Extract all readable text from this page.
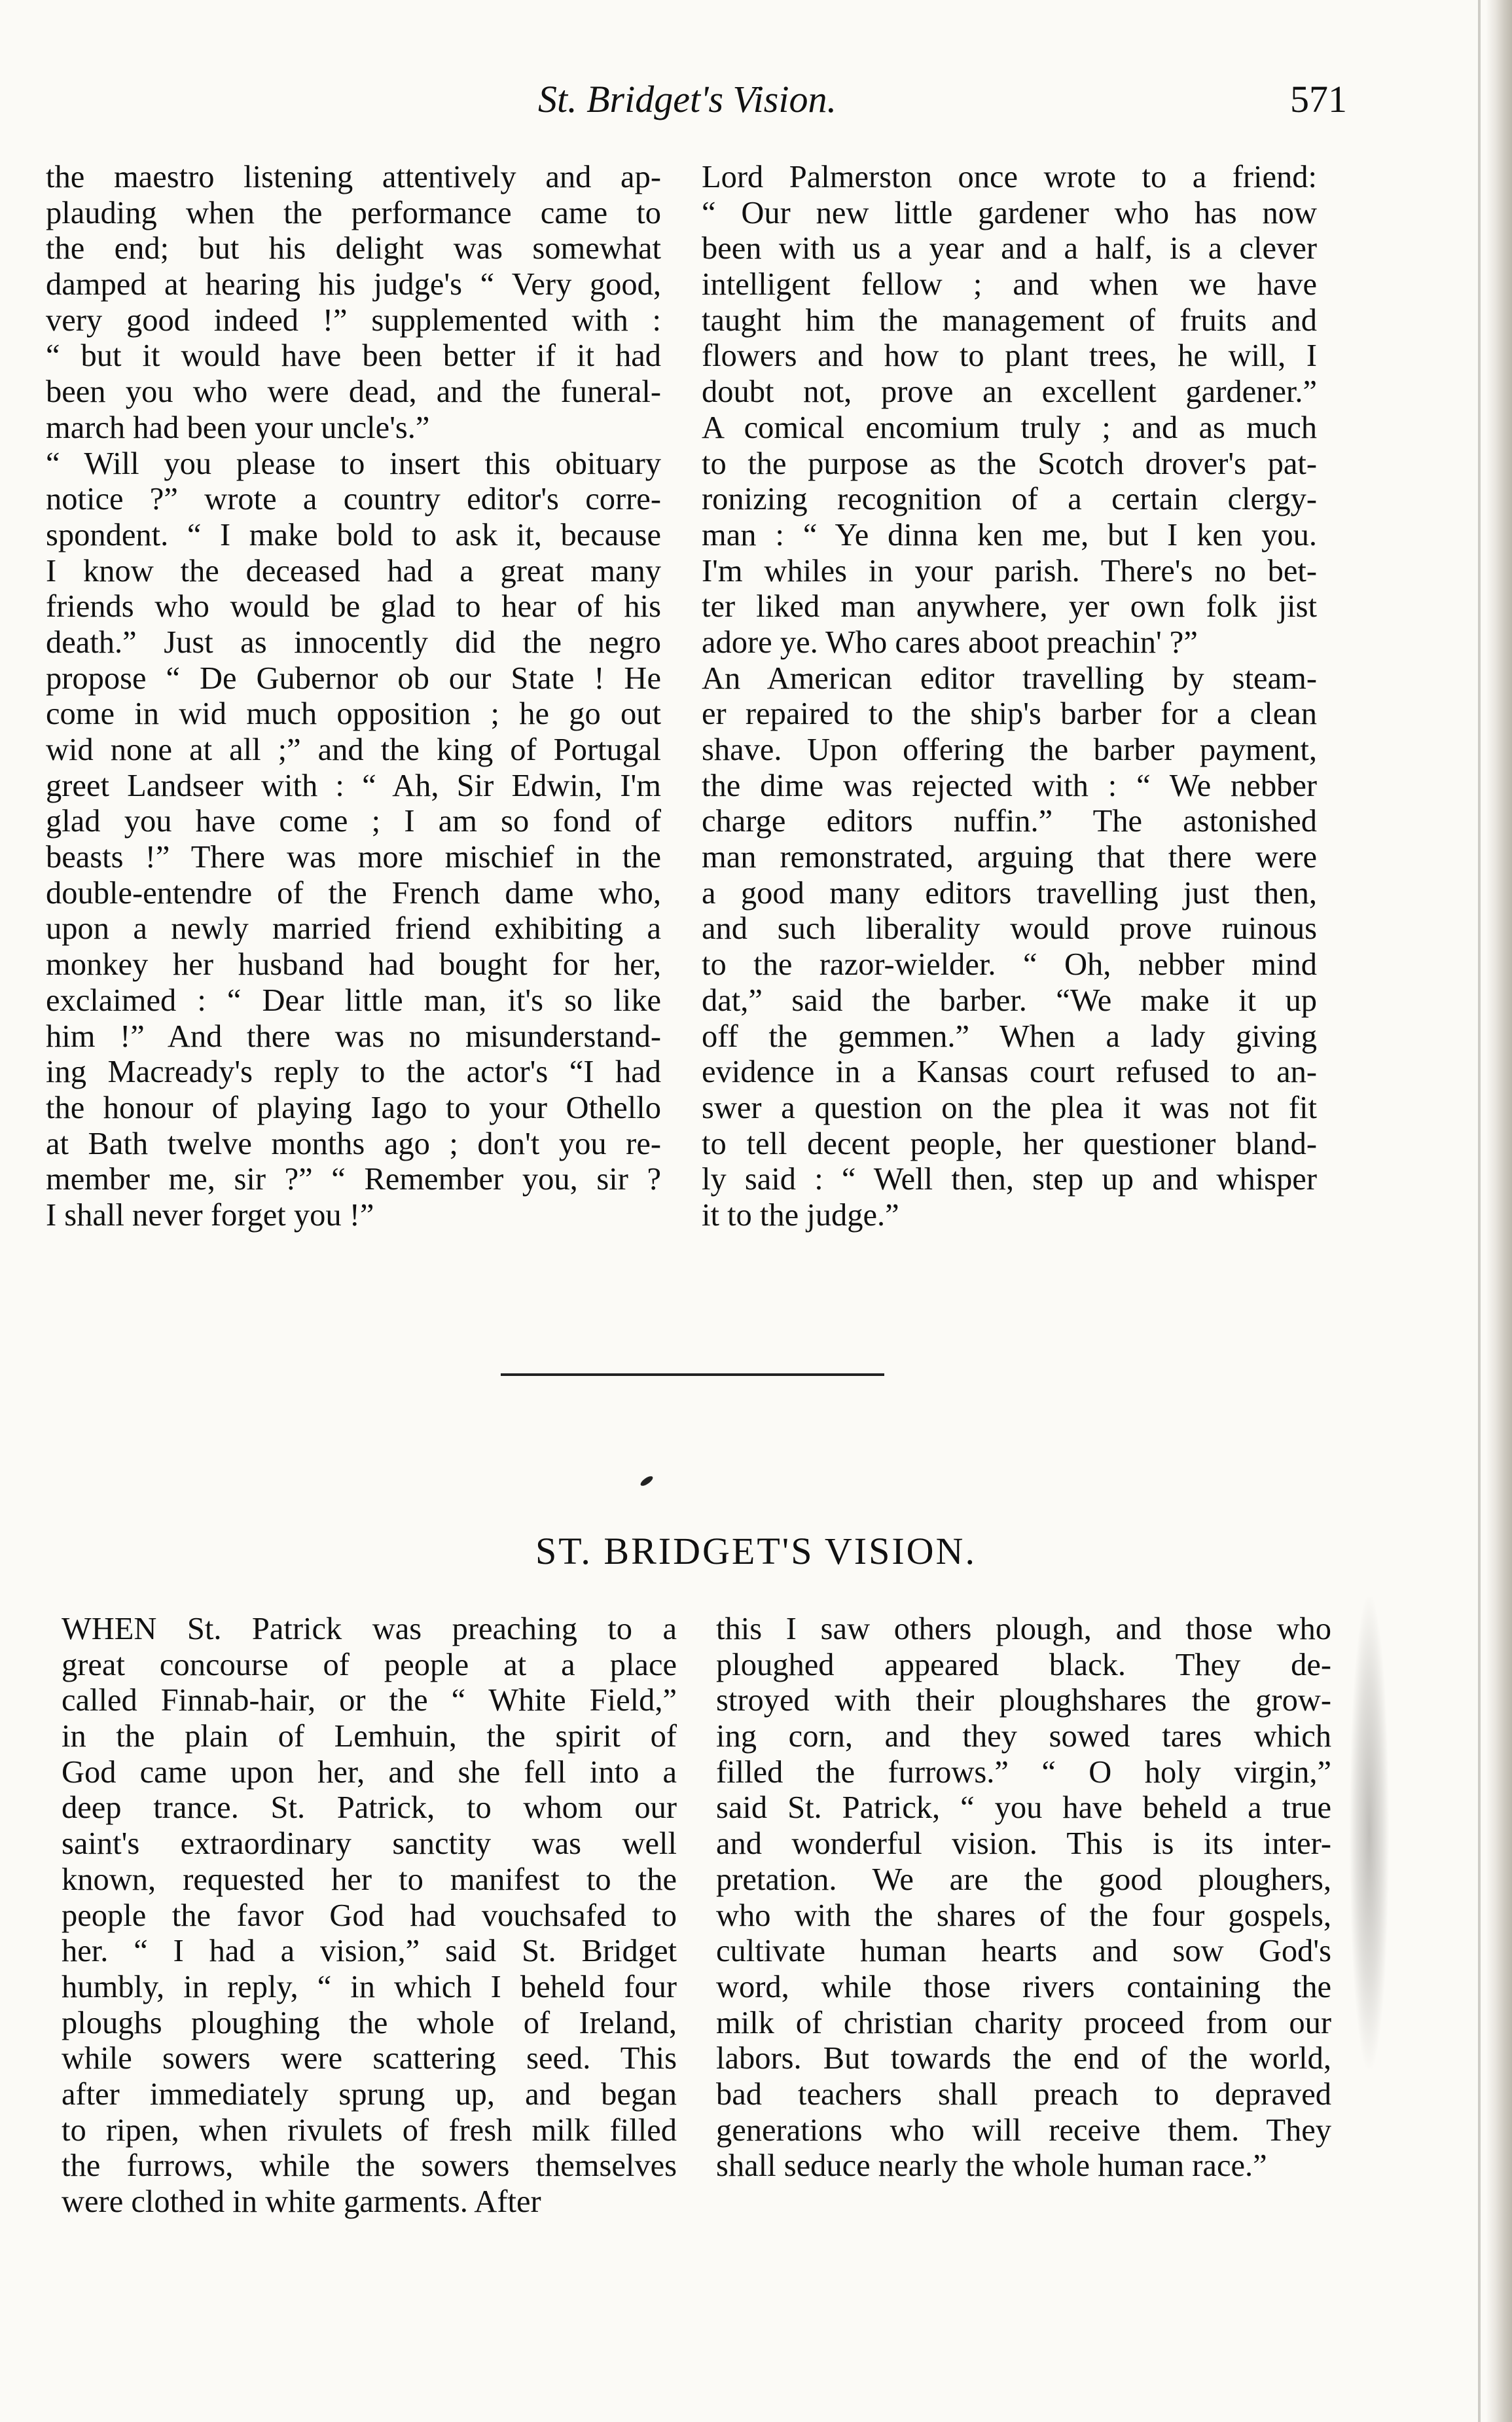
St. Bridget's Vision.	571
the maestro listening attentively and ap-
plauding when the performance came to
the end; but his delight was somewhat
damped at hearing his judge's “ Very good,
very good indeed !” supplemented with :
“ but it would have been better if it had
been you who were dead, and the funeral-
march had been your uncle's.”
“ Will you please to insert this obituary
notice ?” wrote a country editor's corre-
spondent. “ I make bold to ask it, because
I know the deceased had a great many
friends who would be glad to hear of his
death.” Just as innocently did the negro
propose “ De Gubernor ob our State ! He
come in wid much opposition ; he go out
wid none at all ;” and the king of Portugal
greet Landseer with : “ Ah, Sir Edwin, I'm
glad you have come ; I am so fond of
beasts !” There was more mischief in the
double-entendre of the French dame who,
upon a newly married friend exhibiting a
monkey her husband had bought for her,
exclaimed : “ Dear little man, it's so like
him !” And there was no misunderstand-
ing Macready's reply to the actor's “I had
the honour of playing Iago to your Othello
at Bath twelve months ago ; don't you re-
member me, sir ?” “ Remember you, sir ?
I shall never forget you !”
Lord Palmerston once wrote to a friend:
“ Our new little gardener who has now
been with us a year and a half, is a clever
intelligent fellow ; and when we have
taught him the management of fruits and
flowers and how to plant trees, he will, I
doubt not, prove an excellent gardener.”
A comical encomium truly ; and as much
to the purpose as the Scotch drover's pat-
ronizing recognition of a certain clergy-
man : “ Ye dinna ken me, but I ken you.
I'm whiles in your parish. There's no bet-
ter liked man anywhere, yer own folk jist
adore ye. Who cares aboot preachin' ?”
An American editor travelling by steam-
er repaired to the ship's barber for a clean
shave. Upon offering the barber payment,
the dime was rejected with : “ We nebber
charge editors nuffin.” The astonished
man remonstrated, arguing that there were
a good many editors travelling just then,
and such liberality would prove ruinous
to the razor-wielder. “ Oh, nebber mind
dat,” said the barber. “We make it up
off the gemmen.” When a lady giving
evidence in a Kansas court refused to an-
swer a question on the plea it was not fit
to tell decent people, her questioner bland-
ly said : “ Well then, step up and whisper
it to the judge.”
ST. BRIDGET'S VISION.
WHEN St. Patrick was preaching to a
great concourse of people at a place
called Finnab-hair, or the “ White Field,”
in the plain of Lemhuin, the spirit of
God came upon her, and she fell into a
deep trance. St. Patrick, to whom our
saint's extraordinary sanctity was well
known, requested her to manifest to the
people the favor God had vouchsafed to
her. “ I had a vision,” said St. Bridget
humbly, in reply, “ in which I beheld four
ploughs ploughing the whole of Ireland,
while sowers were scattering seed. This
after immediately sprung up, and began
to ripen, when rivulets of fresh milk filled
the furrows, while the sowers themselves
were clothed in white garments. After
this I saw others plough, and those who
ploughed appeared black. They de-
stroyed with their ploughshares the grow-
ing corn, and they sowed tares which
filled the furrows.” “ O holy virgin,”
said St. Patrick, “ you have beheld a true
and wonderful vision. This is its inter-
pretation. We are the good ploughers,
who with the shares of the four gospels,
cultivate human hearts and sow God's
word, while those rivers containing the
milk of christian charity proceed from our
labors. But towards the end of the world,
bad teachers shall preach to depraved
generations who will receive them. They
shall seduce nearly the whole human race.”
